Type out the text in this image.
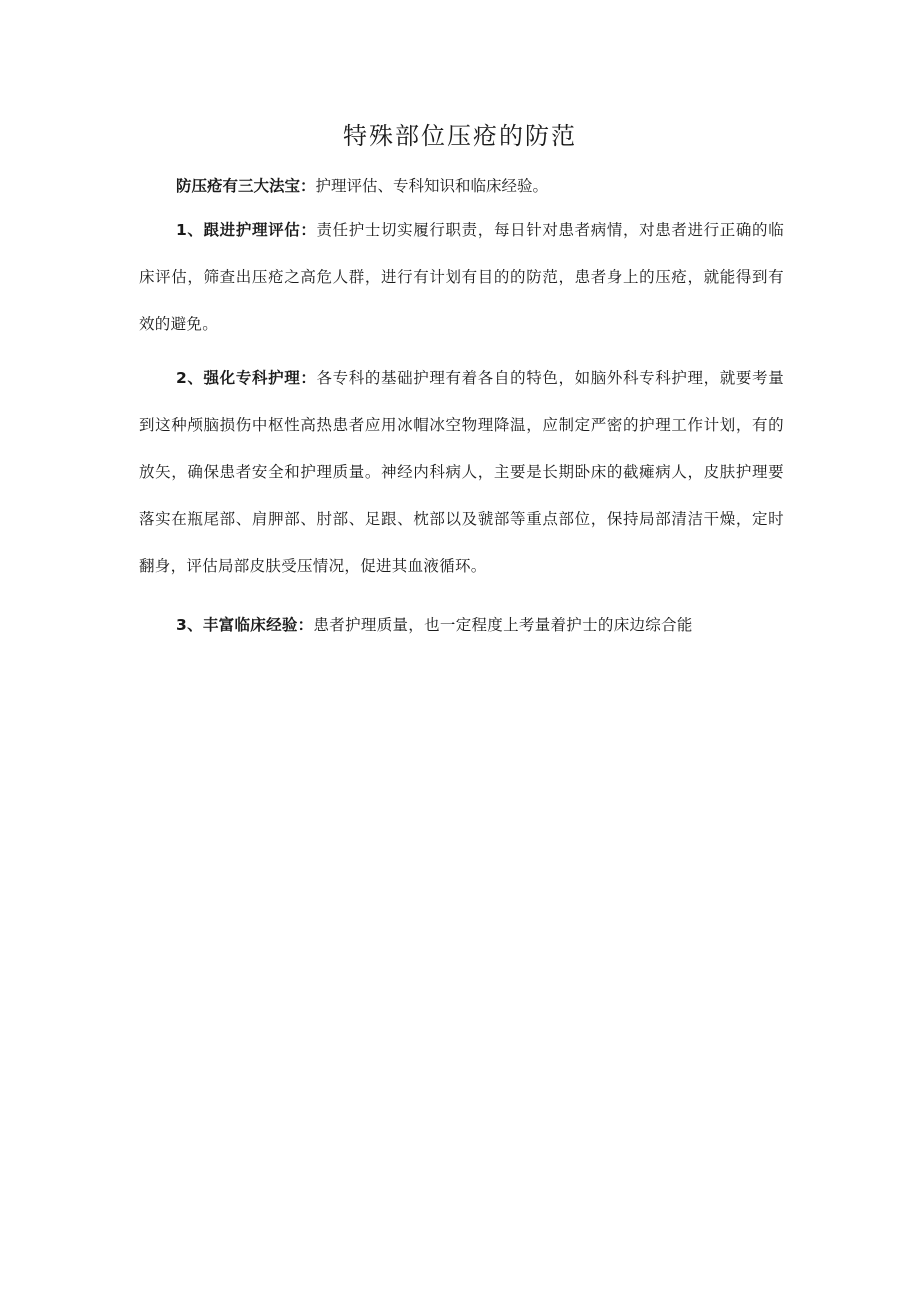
特殊部位压疮的防范
防压疮有三大法宝：护理评估、专科知识和临床经验。

1、跟进护理评估：责任护士切实履行职责，每日针对患者病情，对患者进行正确的临床评估，筛查出压疮之高危人群，进行有计划有目的的防范，患者身上的压疮，就能得到有效的避免。

2、强化专科护理：各专科的基础护理有着各自的特色，如脑外科专科护理，就要考量到这种颅脑损伤中枢性高热患者应用冰帽冰空物理降温，应制定严密的护理工作计划，有的放矢，确保患者安全和护理质量。神经内科病人，主要是长期卧床的截瘫病人，皮肤护理要落实在瓶尾部、肩胛部、肘部、足跟、枕部以及虢部等重点部位，保持局部清洁干燥，定时翻身，评估局部皮肤受压情况，促进其血液循环。

3、丰富临床经验：患者护理质量，也一定程度上考量着护士的床边综合能
